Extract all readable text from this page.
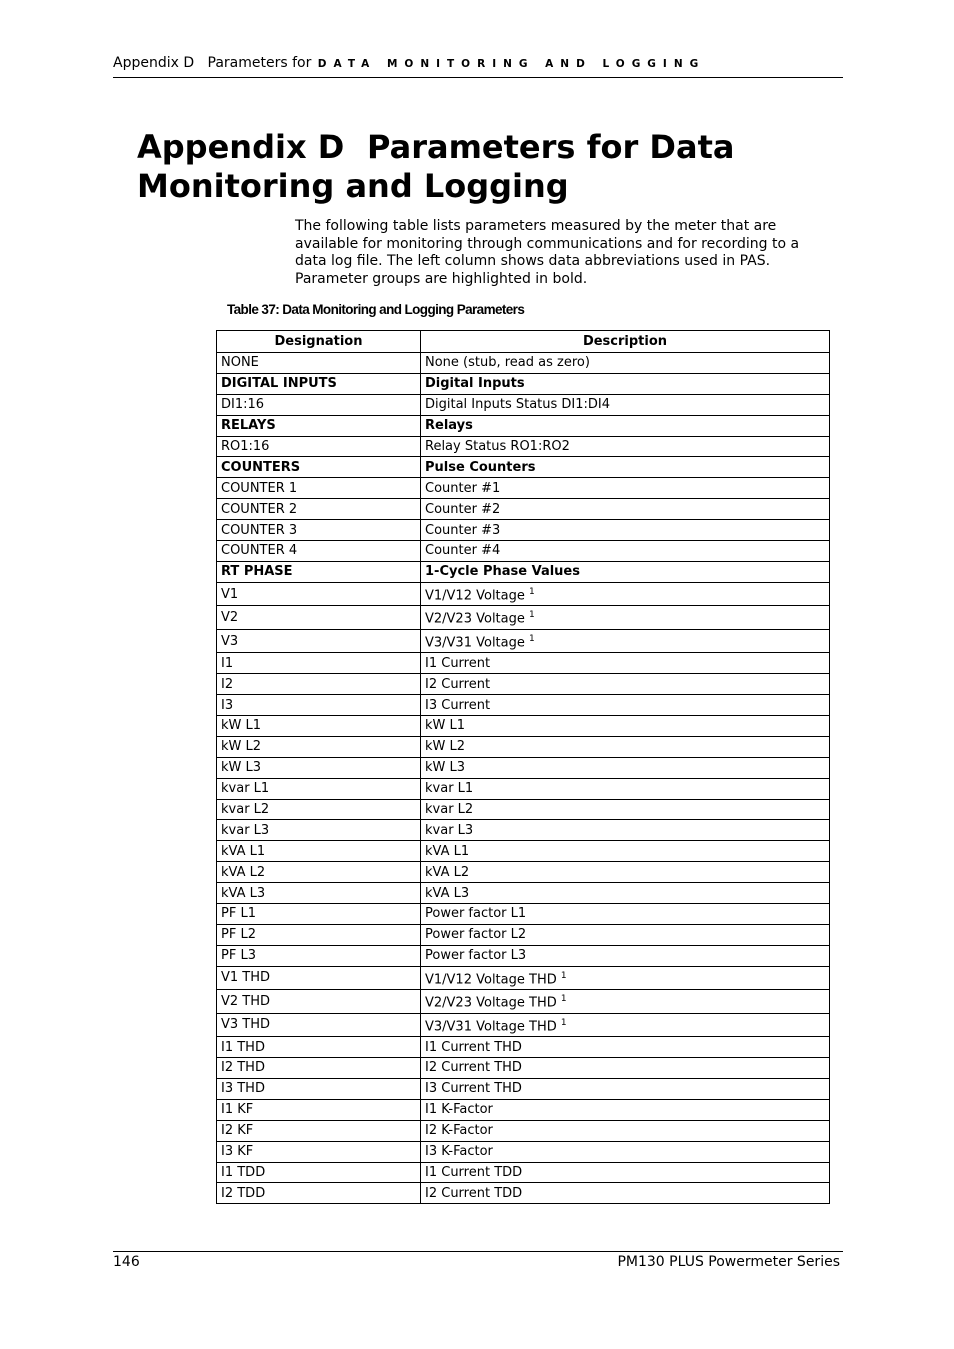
Appendix D Parameters for DATA MONITORING AND LOGGING
Appendix D Parameters for Data Monitoring and Logging

The following table lists parameters measured by the meter that are available for monitoring through communications and for recording to a data log file. The left column shows data abbreviations used in PAS. Parameter groups are highlighted in bold.

Table 37: Data Monitoring and Logging Parameters
Designation	Description
NONE	None (stub, read as zero)
DIGITAL INPUTS	Digital Inputs
DI1:16	Digital Inputs Status DI1:DI4
RELAYS	Relays
RO1:16	Relay Status RO1:RO2
COUNTERS	Pulse Counters
COUNTER 1	Counter #1
COUNTER 2	Counter #2
COUNTER 3	Counter #3
COUNTER 4	Counter #4
RT PHASE	1-Cycle Phase Values
V1	V1/V12 Voltage $^1$
V2	V2/V23 Voltage $^1$
V3	V3/V31 Voltage $^1$
I1	I1 Current
I2	I2 Current
I3	I3 Current
kW L1	kW L1
kW L2	kW L2
kW L3	kW L3
kvar L1	kvar L1
kvar L2	kvar L2
kvar L3	kvar L3
kVA L1	kVA L1
kVA L2	kVA L2
kVA L3	kVA L3
PF L1	Power factor L1
PF L2	Power factor L2
PF L3	Power factor L3
V1 THD	V1/V12 Voltage THD $^1$
V2 THD	V2/V23 Voltage THD $^1$
V3 THD	V3/V31 Voltage THD $^1$
I1 THD	I1 Current THD
I2 THD	I2 Current THD
I3 THD	I3 Current THD
I1 KF	I1 K-Factor
I2 KF	I2 K-Factor
I3 KF	I3 K-Factor
I1 TDD	I1 Current TDD
I2 TDD	I2 Current TDD
146	PM130 PLUS Powermeter Series
